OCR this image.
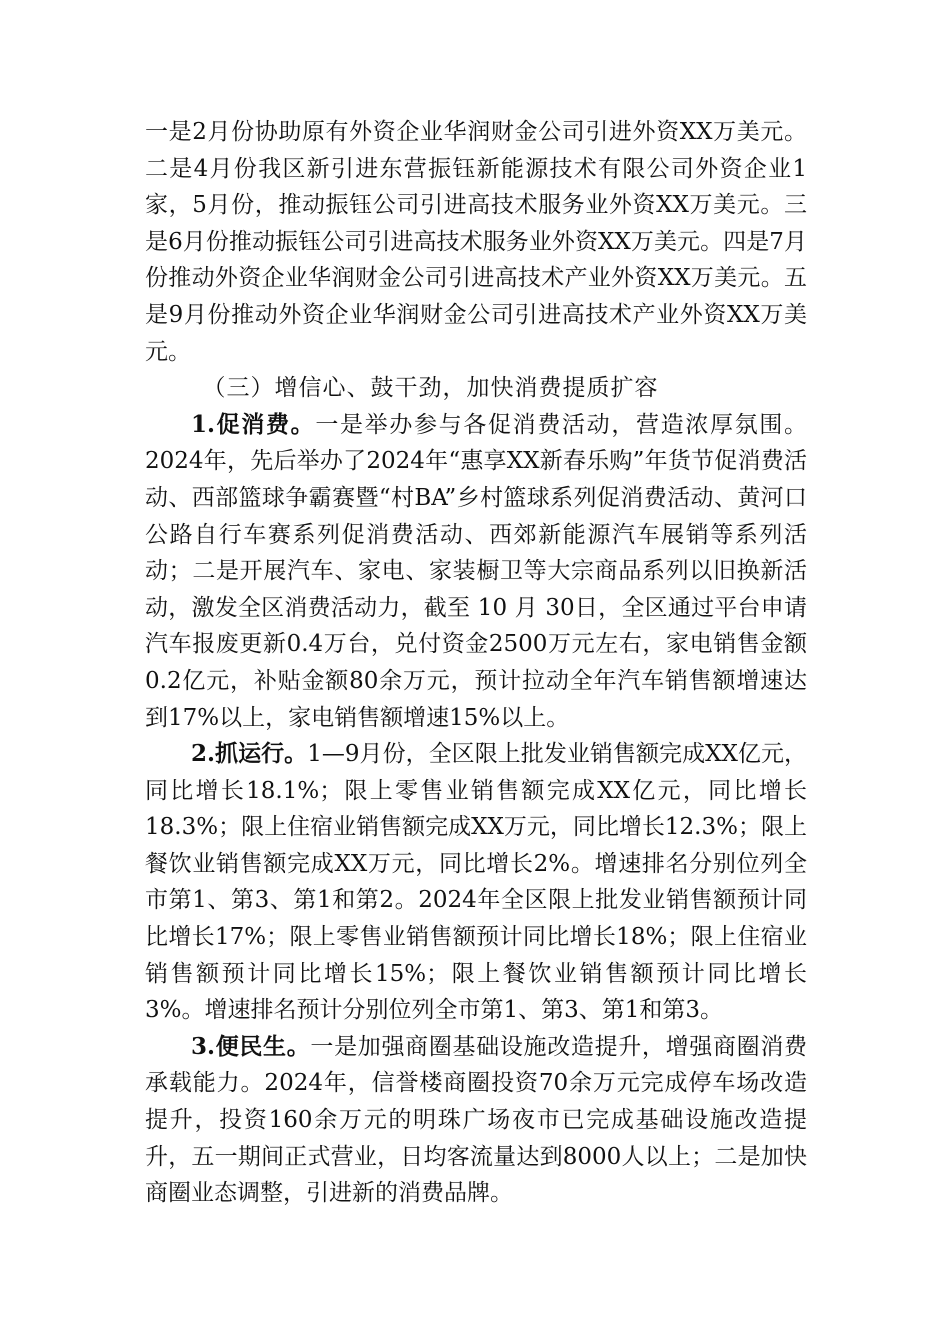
一是2月份协助原有外资企业华润财金公司引进外资XX万美元。二是4月份我区新引进东营振钰新能源技术有限公司外资企业1家，5月份，推动振钰公司引进高技术服务业外资XX万美元。三是6月份推动振钰公司引进高技术服务业外资XX万美元。四是7月份推动外资企业华润财金公司引进高技术产业外资XX万美元。五是9月份推动外资企业华润财金公司引进高技术产业外资XX万美元。

（三）增信心、鼓干劲，加快消费提质扩容

1.促消费。一是举办参与各促消费活动，营造浓厚氛围。2024年，先后举办了2024年“惠享XX新春乐购”年货节促消费活动、西部篮球争霸赛暨“村BA”乡村篮球系列促消费活动、黄河口公路自行车赛系列促消费活动、西郊新能源汽车展销等系列活动；二是开展汽车、家电、家装橱卫等大宗商品系列以旧换新活动，激发全区消费活动力，截至 10 月 30日，全区通过平台申请汽车报废更新0.4万台，兑付资金2500万元左右，家电销售金额0.2亿元，补贴金额80余万元，预计拉动全年汽车销售额增速达到17%以上，家电销售额增速15%以上。

2.抓运行。1—9月份，全区限上批发业销售额完成XX亿元，同比增长18.1%；限上零售业销售额完成XX亿元，同比增长18.3%；限上住宿业销售额完成XX万元，同比增长12.3%；限上餐饮业销售额完成XX万元，同比增长2%。增速排名分别位列全市第1、第3、第1和第2。2024年全区限上批发业销售额预计同比增长17%；限上零售业销售额预计同比增长18%；限上住宿业销售额预计同比增长15%；限上餐饮业销售额预计同比增长3%。增速排名预计分别位列全市第1、第3、第1和第3。

3.便民生。一是加强商圈基础设施改造提升，增强商圈消费承载能力。2024年，信誉楼商圈投资70余万元完成停车场改造提升，投资160余万元的明珠广场夜市已完成基础设施改造提升，五一期间正式营业，日均客流量达到8000人以上；二是加快商圈业态调整，引进新的消费品牌。
